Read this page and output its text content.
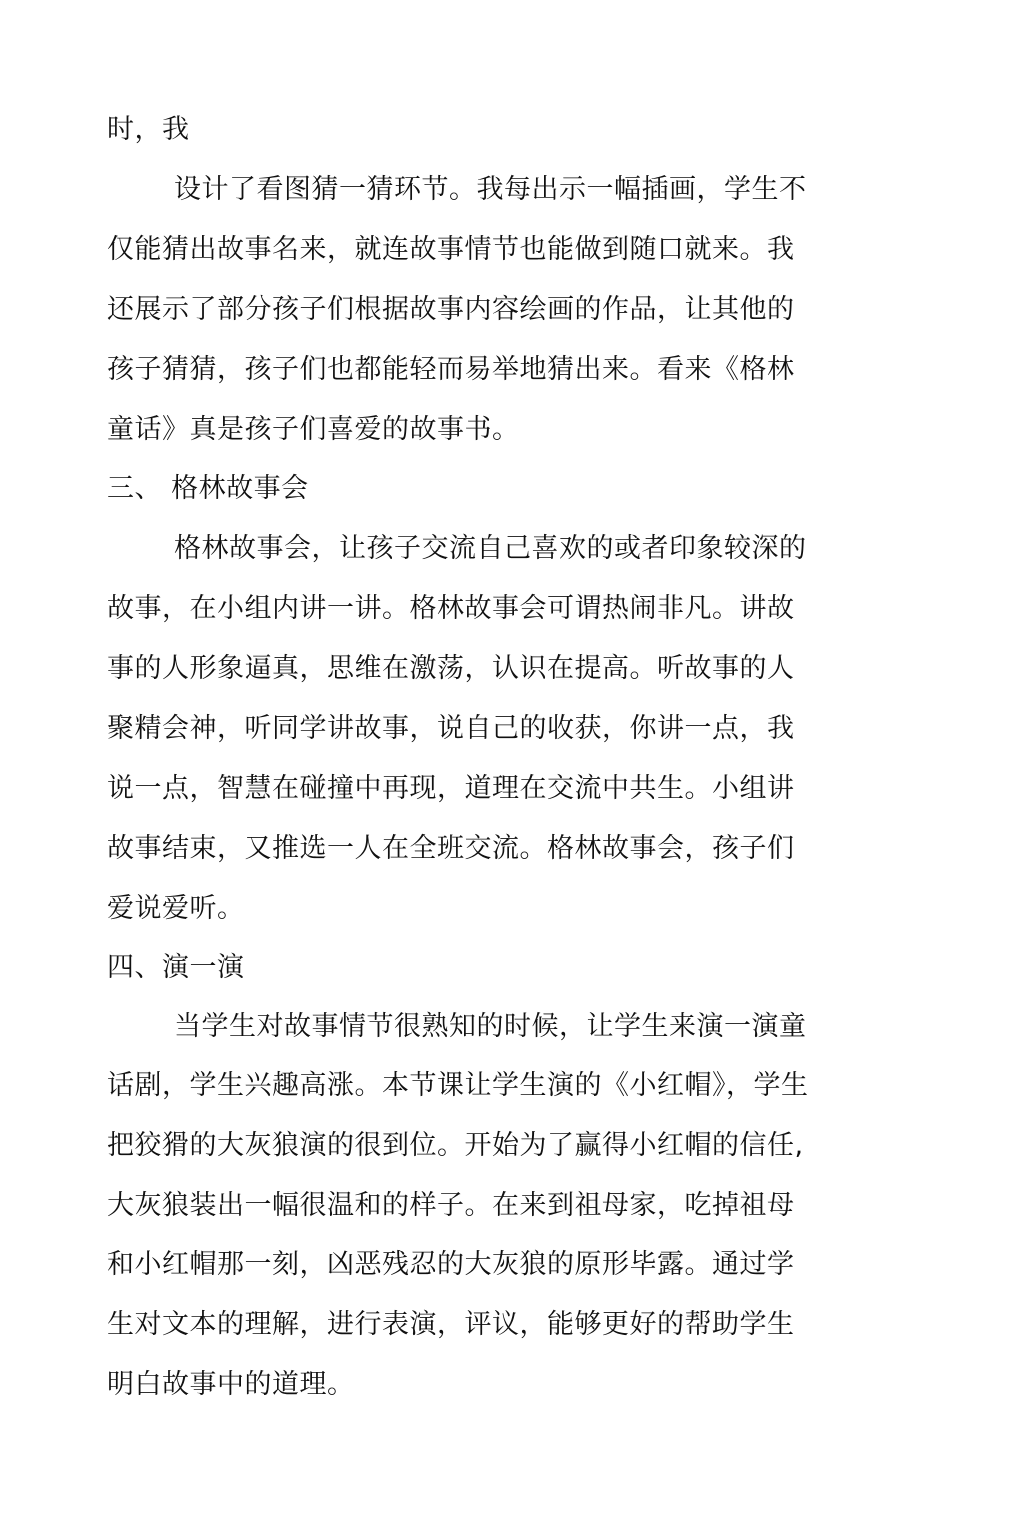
时，我
设计了看图猜一猜环节。我每出示一幅插画，学生不
仅能猜出故事名来，就连故事情节也能做到随口就来。我
还展示了部分孩子们根据故事内容绘画的作品，让其他的
孩子猜猜，孩子们也都能轻而易举地猜出来。看来《格林
童话》真是孩子们喜爱的故事书。
三、 格林故事会
格林故事会，让孩子交流自己喜欢的或者印象较深的
故事，在小组内讲一讲。格林故事会可谓热闹非凡。讲故
事的人形象逼真，思维在激荡，认识在提高。听故事的人
聚精会神，听同学讲故事，说自己的收获，你讲一点，我
说一点，智慧在碰撞中再现，道理在交流中共生。小组讲
故事结束，又推选一人在全班交流。格林故事会，孩子们
爱说爱听。
四、演一演
当学生对故事情节很熟知的时候，让学生来演一演童
话剧，学生兴趣高涨。本节课让学生演的《小红帽》，学生
把狡猾的大灰狼演的很到位。开始为了赢得小红帽的信任,
大灰狼装出一幅很温和的样子。在来到祖母家，吃掉祖母
和小红帽那一刻，凶恶残忍的大灰狼的原形毕露。通过学
生对文本的理解，进行表演，评议，能够更好的帮助学生
明白故事中的道理。
